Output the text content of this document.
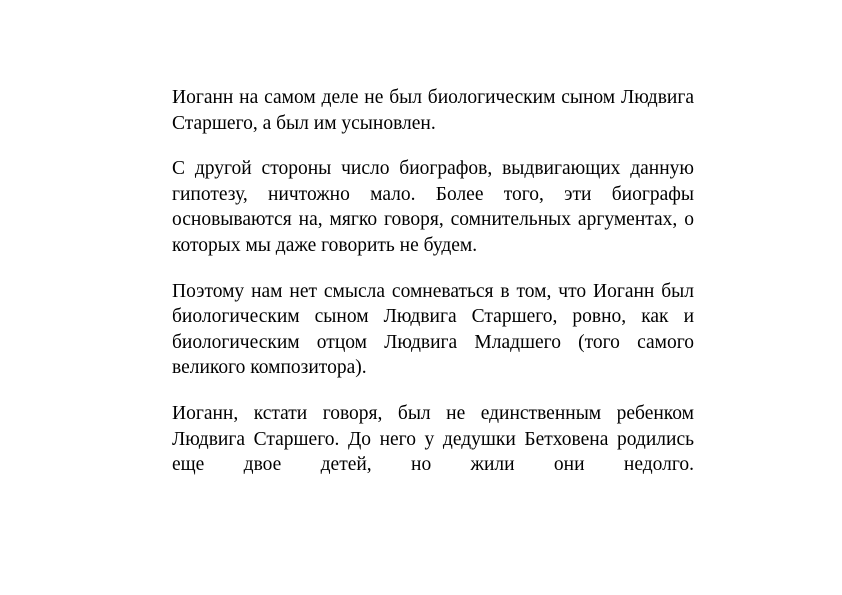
Иоганн на самом деле не был биологическим сыном Людвига Старшего, а был им усыновлен.

С другой стороны число биографов, выдвигающих данную гипотезу, ничтожно мало. Более того, эти биографы основываются на, мягко говоря, сомнительных аргументах, о которых мы даже говорить не будем.

Поэтому нам нет смысла сомневаться в том, что Иоганн был биологическим сыном Людвига Старшего, ровно, как и биологическим отцом Людвига Младшего (того самого великого композитора).

Иоганн, кстати говоря, был не единственным ребенком Людвига Старшего. До него у дедушки Бетховена родились еще двое детей, но жили они недолго.
